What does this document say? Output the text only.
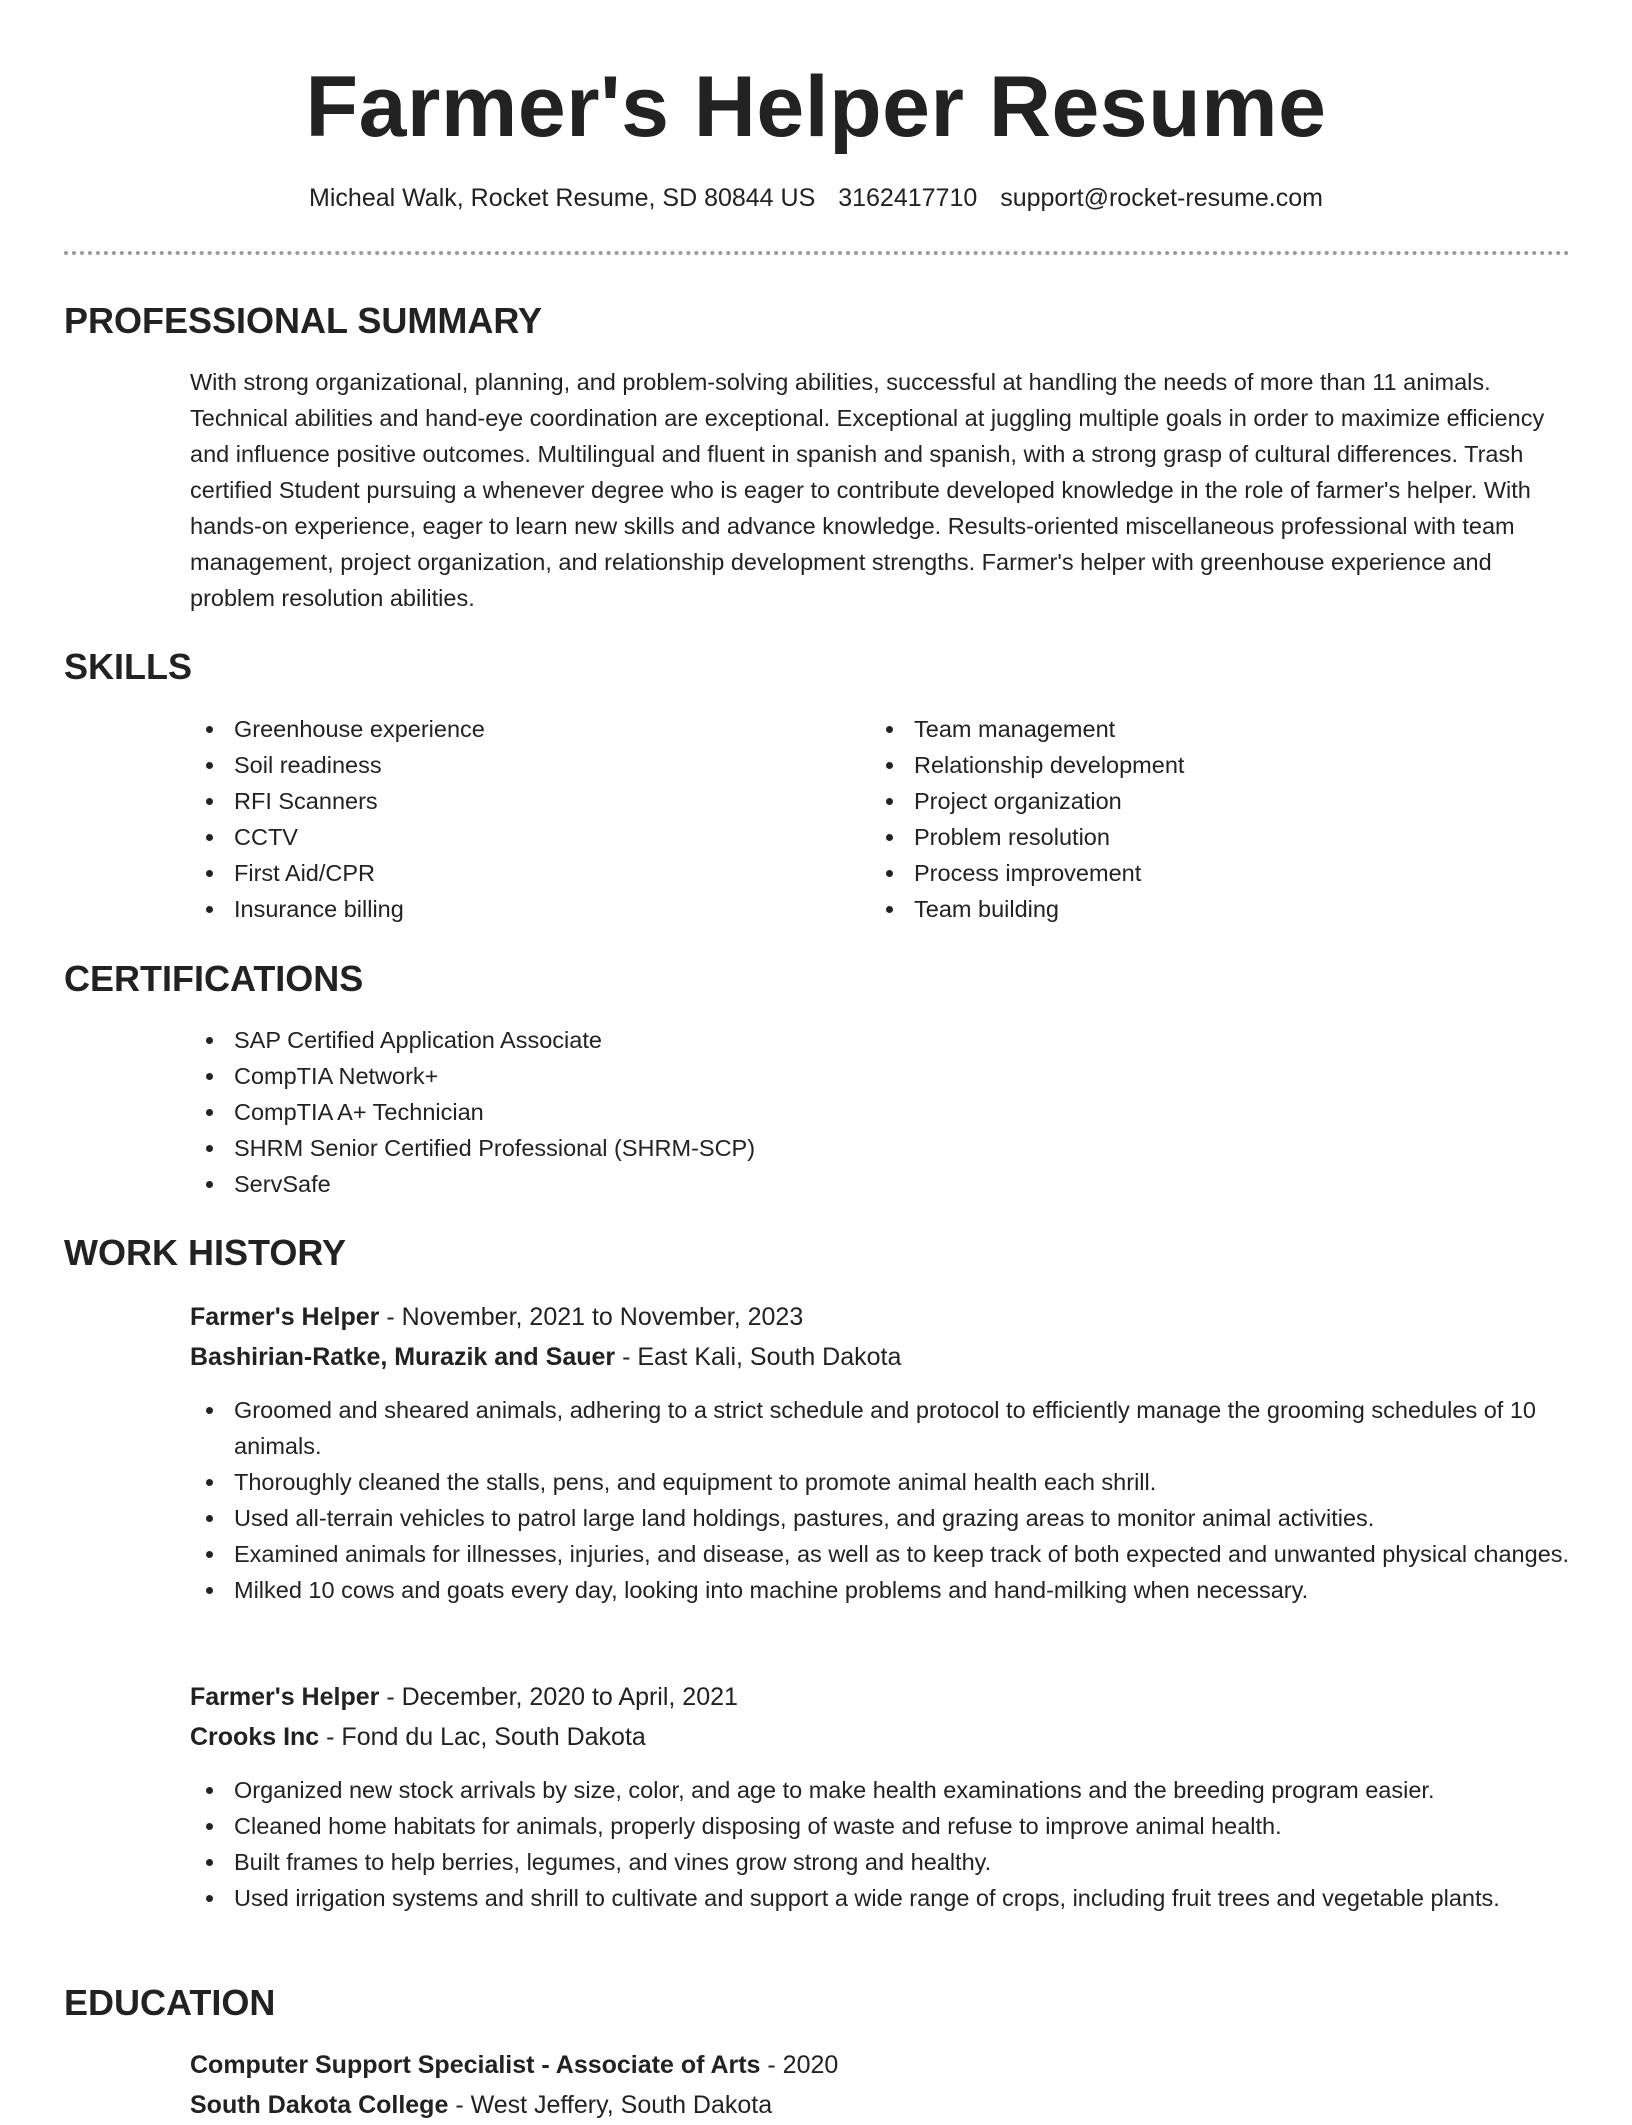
Farmer's Helper Resume
Micheal Walk, Rocket Resume, SD 80844 US 3162417710 support@rocket-resume.com
PROFESSIONAL SUMMARY

With strong organizational, planning, and problem-solving abilities, successful at handling the needs of more than 11 animals. Technical abilities and hand-eye coordination are exceptional. Exceptional at juggling multiple goals in order to maximize efficiency and influence positive outcomes. Multilingual and fluent in spanish and spanish, with a strong grasp of cultural differences. Trash certified Student pursuing a whenever degree who is eager to contribute developed knowledge in the role of farmer's helper. With hands-on experience, eager to learn new skills and advance knowledge. Results-oriented miscellaneous professional with team management, project organization, and relationship development strengths. Farmer's helper with greenhouse experience and problem resolution abilities.

SKILLS
Greenhouse experience
Soil readiness
RFI Scanners
CCTV
First Aid/CPR
Insurance billing
Team management
Relationship development
Project organization
Problem resolution
Process improvement
Team building
CERTIFICATIONS
SAP Certified Application Associate
CompTIA Network+
CompTIA A+ Technician
SHRM Senior Certified Professional (SHRM-SCP)
ServSafe
WORK HISTORY
Farmer's Helper - November, 2021 to November, 2023
Bashirian-Ratke, Murazik and Sauer - East Kali, South Dakota
Groomed and sheared animals, adhering to a strict schedule and protocol to efficiently manage the grooming schedules of 10 animals.
Thoroughly cleaned the stalls, pens, and equipment to promote animal health each shrill.
Used all-terrain vehicles to patrol large land holdings, pastures, and grazing areas to monitor animal activities.
Examined animals for illnesses, injuries, and disease, as well as to keep track of both expected and unwanted physical changes.
Milked 10 cows and goats every day, looking into machine problems and hand-milking when necessary.
Farmer's Helper - December, 2020 to April, 2021
Crooks Inc - Fond du Lac, South Dakota
Organized new stock arrivals by size, color, and age to make health examinations and the breeding program easier.
Cleaned home habitats for animals, properly disposing of waste and refuse to improve animal health.
Built frames to help berries, legumes, and vines grow strong and healthy.
Used irrigation systems and shrill to cultivate and support a wide range of crops, including fruit trees and vegetable plants.
EDUCATION
Computer Support Specialist - Associate of Arts - 2020
South Dakota College - West Jeffery, South Dakota
